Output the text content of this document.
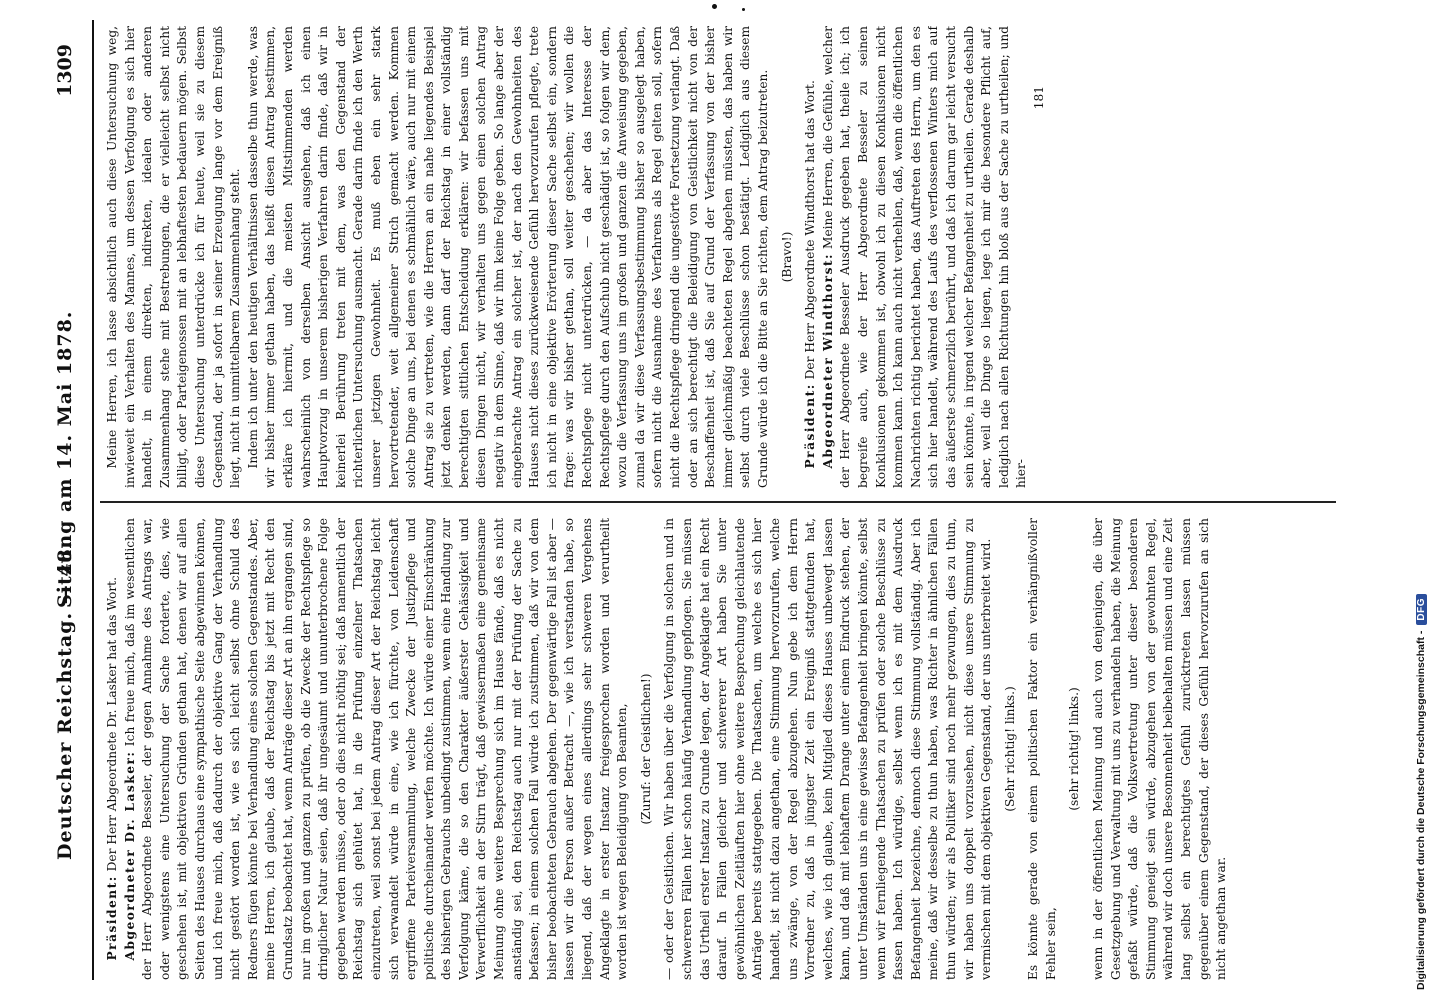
Deutscher Reichstag. — 48.
Sitzung am 14. Mai 1878.
1309

Präsident: Der Herr Abgeordnete Dr. Lasker hat das Wort. Abgeordneter Dr. Lasker: Ich freue mich, daß im wesentlichen der Herr Abgeordnete Besseler, der gegen Annahme des Antrags war, oder wenigstens eine Untersuchung der Sache forderte, dies, wie geschehen ist, mit objektiven Gründen gethan hat, denen wir auf allen Seiten des Hauses durchaus eine sympathische Seite abgewinnen können, und ich freue mich, daß dadurch der objektive Gang der Verhandlung nicht gestört worden ist, wie es sich leicht selbst ohne Schuld des Redners fügen könnte bei Verhandlung eines solchen Gegenstandes. Aber, meine Herren, ich glaube, daß der Reichstag bis jetzt mit Recht den Grundsatz beobachtet hat, wenn Anträge dieser Art an ihn ergangen sind, nur im großen und ganzen zu prüfen, ob die Zwecke der Rechtspflege so dringlicher Natur seien, daß ihr ungesäumt und ununterbrochene Folge gegeben werden müsse, oder ob dies nicht nöthig sei; daß namentlich der Reichstag sich gehütet hat, in die Prüfung einzelner Thatsachen einzutreten, weil sonst bei jedem Antrag dieser Art der Reichstag leicht sich verwandelt würde in eine, wie ich fürchte, von Leidenschaft ergriffene Parteiversammlung, welche Zwecke der Justizpflege und politische durcheinander werfen möchte. Ich würde einer Einschränkung des bisherigen Gebrauchs unbedingt zustimmen, wenn eine Handlung zur Verfolgung käme, die so den Charakter äußerster Gehässigkeit und Verwerflichkeit an der Stirn trägt, daß gewissermaßen eine gemeinsame Meinung ohne weitere Besprechung sich im Hause fände, daß es nicht anständig sei, den Reichstag auch nur mit der Prüfung der Sache zu befassen; in einem solchen Fall würde ich zustimmen, daß wir von dem bisher beobachteten Gebrauch abgehen. Der gegenwärtige Fall ist aber — lassen wir die Person außer Betracht —, wie ich verstanden habe, so liegend, daß der wegen eines allerdings sehr schweren Vergehens Angeklagte in erster Instanz freigesprochen worden und verurtheilt worden ist wegen Beleidigung von Beamten, (Zuruf: der Geistlichen!) — oder der Geistlichen. Wir haben über die Verfolgung in solchen und in schwereren Fällen hier schon häufig Verhandlung gepflogen. Sie müssen das Urtheil erster Instanz zu Grunde legen, der Angeklagte hat ein Recht darauf. In Fällen gleicher und schwererer Art haben Sie unter gewöhnlichen Zeitläuften hier ohne weitere Besprechung gleichlautende Anträge bereits stattgegeben. Die Thatsachen, um welche es sich hier handelt, ist nicht dazu angethan, eine Stimmung hervorzurufen, welche uns zwänge, von der Regel abzugehen. Nun gebe ich dem Herrn Vorredner zu, daß in jüngster Zeit ein Ereigniß stattgefunden hat, welches, wie ich glaube, kein Mitglied dieses Hauses unbewegt lassen kann, und daß mit lebhaftem Drange unter einem Eindruck stehen, der unter Umständen uns in eine gewisse Befangenheit bringen könnte, selbst wenn wir fernliegende Thatsachen zu prüfen oder solche Beschlüsse zu fassen haben. Ich würdige, selbst wenn ich es mit dem Ausdruck Befangenheit bezeichne, dennoch diese Stimmung vollständig. Aber ich meine, daß wir desselbe zu thun haben, was Richter in ähnlichen Fällen thun würden; wir als Politiker sind noch mehr gezwungen, dies zu thun, wir haben uns doppelt vorzusehen, nicht diese unsere Stimmung zu vermischen mit dem objektiven Gegenstand, der uns unterbreitet wird. (Sehr richtig! links.) Es könnte gerade von einem politischen Faktor ein verhängnißvoller Fehler sein,

(sehr richtig! links.) wenn in der öffentlichen Meinung und auch von denjenigen, die über Gesetzgebung und Verwaltung mit uns zu verhandeln haben, die Meinung gefaßt würde, daß die Volksvertretung unter dieser besonderen Stimmung geneigt sein würde, abzugehen von der gewohnten Regel, während wir doch unsere Besonnenheit beibehalten müssen und eine Zeit lang selbst ein berechtigtes Gefühl zurücktreten lassen müssen gegenüber einem Gegenstand, der dieses Gefühl hervorzurufen an sich nicht angethan war.

Meine Herren, ich lasse absichtlich auch diese Untersuchung weg, inwieweit ein Verhalten des Mannes, um dessen Verfolgung es sich hier handelt, in einem direkten, indirekten, idealen oder anderen Zusammenhang stehe mit Bestrebungen, die er vielleicht selbst nicht billigt, oder Parteigenossen mit an lebhaftesten bedauern mögen. Selbst diese Untersuchung unterdrücke ich für heute, weil sie zu diesem Gegenstand, der ja sofort in seiner Erzeugung lange vor dem Ereigniß liegt, nicht in unmittelbarem Zusammenhang steht. Indem ich unter den heutigen Verhältnissen dasselbe thun werde, was wir bisher immer gethan haben, das heißt diesen Antrag bestimmen, erkläre ich hiermit, und die meisten Mitstimmenden werden wahrscheinlich von derselben Ansicht ausgehen, daß ich einen Hauptvorzug in unserem bisherigen Verfahren darin finde, daß wir in keinerlei Berührung treten mit dem, was den Gegenstand der richterlichen Untersuchung ausmacht. Gerade darin finde ich den Werth unserer jetzigen Gewohnheit. Es muß eben ein sehr stark hervortretender, weit allgemeiner Strich gemacht werden. Kommen solche Dinge an uns, bei denen es schmählich wäre, auch nur mit einem Antrag sie zu vertreten, wie die Herren an ein nahe liegendes Beispiel jetzt denken werden, dann darf der Reichstag in einer vollständig berechtigten sittlichen Entscheidung erklären: wir befassen uns mit diesen Dingen nicht, wir verhalten uns gegen einen solchen Antrag negativ in dem Sinne, daß wir ihm keine Folge geben. So lange aber der eingebrachte Antrag ein solcher ist, der nach den Gewohnheiten des Hauses nicht dieses zurückweisende Gefühl hervorzurufen pflegte, trete ich nicht in eine objektive Erörterung dieser Sache selbst ein, sondern frage: was wir bisher gethan, soll weiter geschehen; wir wollen die Rechtspflege nicht unterdrücken, — da aber das Interesse der Rechtspflege durch den Aufschub nicht geschädigt ist, so folgen wir dem, wozu die Verfassung uns im großen und ganzen die Anweisung gegeben, zumal da wir diese Verfassungsbestimmung bisher so ausgelegt haben, sofern nicht die Ausnahme des Verfahrens als Regel gelten soll, sofern nicht die Rechtspflege dringend die ungestörte Fortsetzung verlangt. Daß oder an sich berechtigt die Beleidigung von Geistlichkeit nicht von der Beschaffenheit ist, daß Sie auf Grund der Verfassung von der bisher immer gleichmäßig beachteten Regel abgehen müssten, das haben wir selbst durch viele Beschlüsse schon bestätigt. Lediglich aus diesem Grunde würde ich die Bitte an Sie richten, dem Antrag beizutreten. (Bravo!)

Präsident: Der Herr Abgeordnete Windthorst hat das Wort. Abgeordneter Windthorst: Meine Herren, die Gefühle, welcher der Herr Abgeordnete Besseler Ausdruck gegeben hat, theile ich; ich begreife auch, wie der Herr Abgeordnete Besseler zu seinen Konklusionen gekommen ist, obwohl ich zu diesen Konklusionen nicht kommen kann. Ich kann auch nicht verhehlen, daß, wenn die öffentlichen Nachrichten richtig berichtet haben, das Auftreten des Herrn, um den es sich hier handelt, während des Laufs des verflossenen Winters mich auf das äußerste schmerzlich berührt, und daß ich darum gar leicht versucht sein könnte, in irgend welcher Befangenheit zu urtheilen. Gerade deshalb aber, weil die Dinge so liegen, lege ich mir die besondere Pflicht auf, lediglich nach allen Richtungen hin bloß aus der Sache zu urtheilen; und hier-

181

Digitalisierung gefördert durch die Deutsche Forschungsgemeinschaft -
DFG
